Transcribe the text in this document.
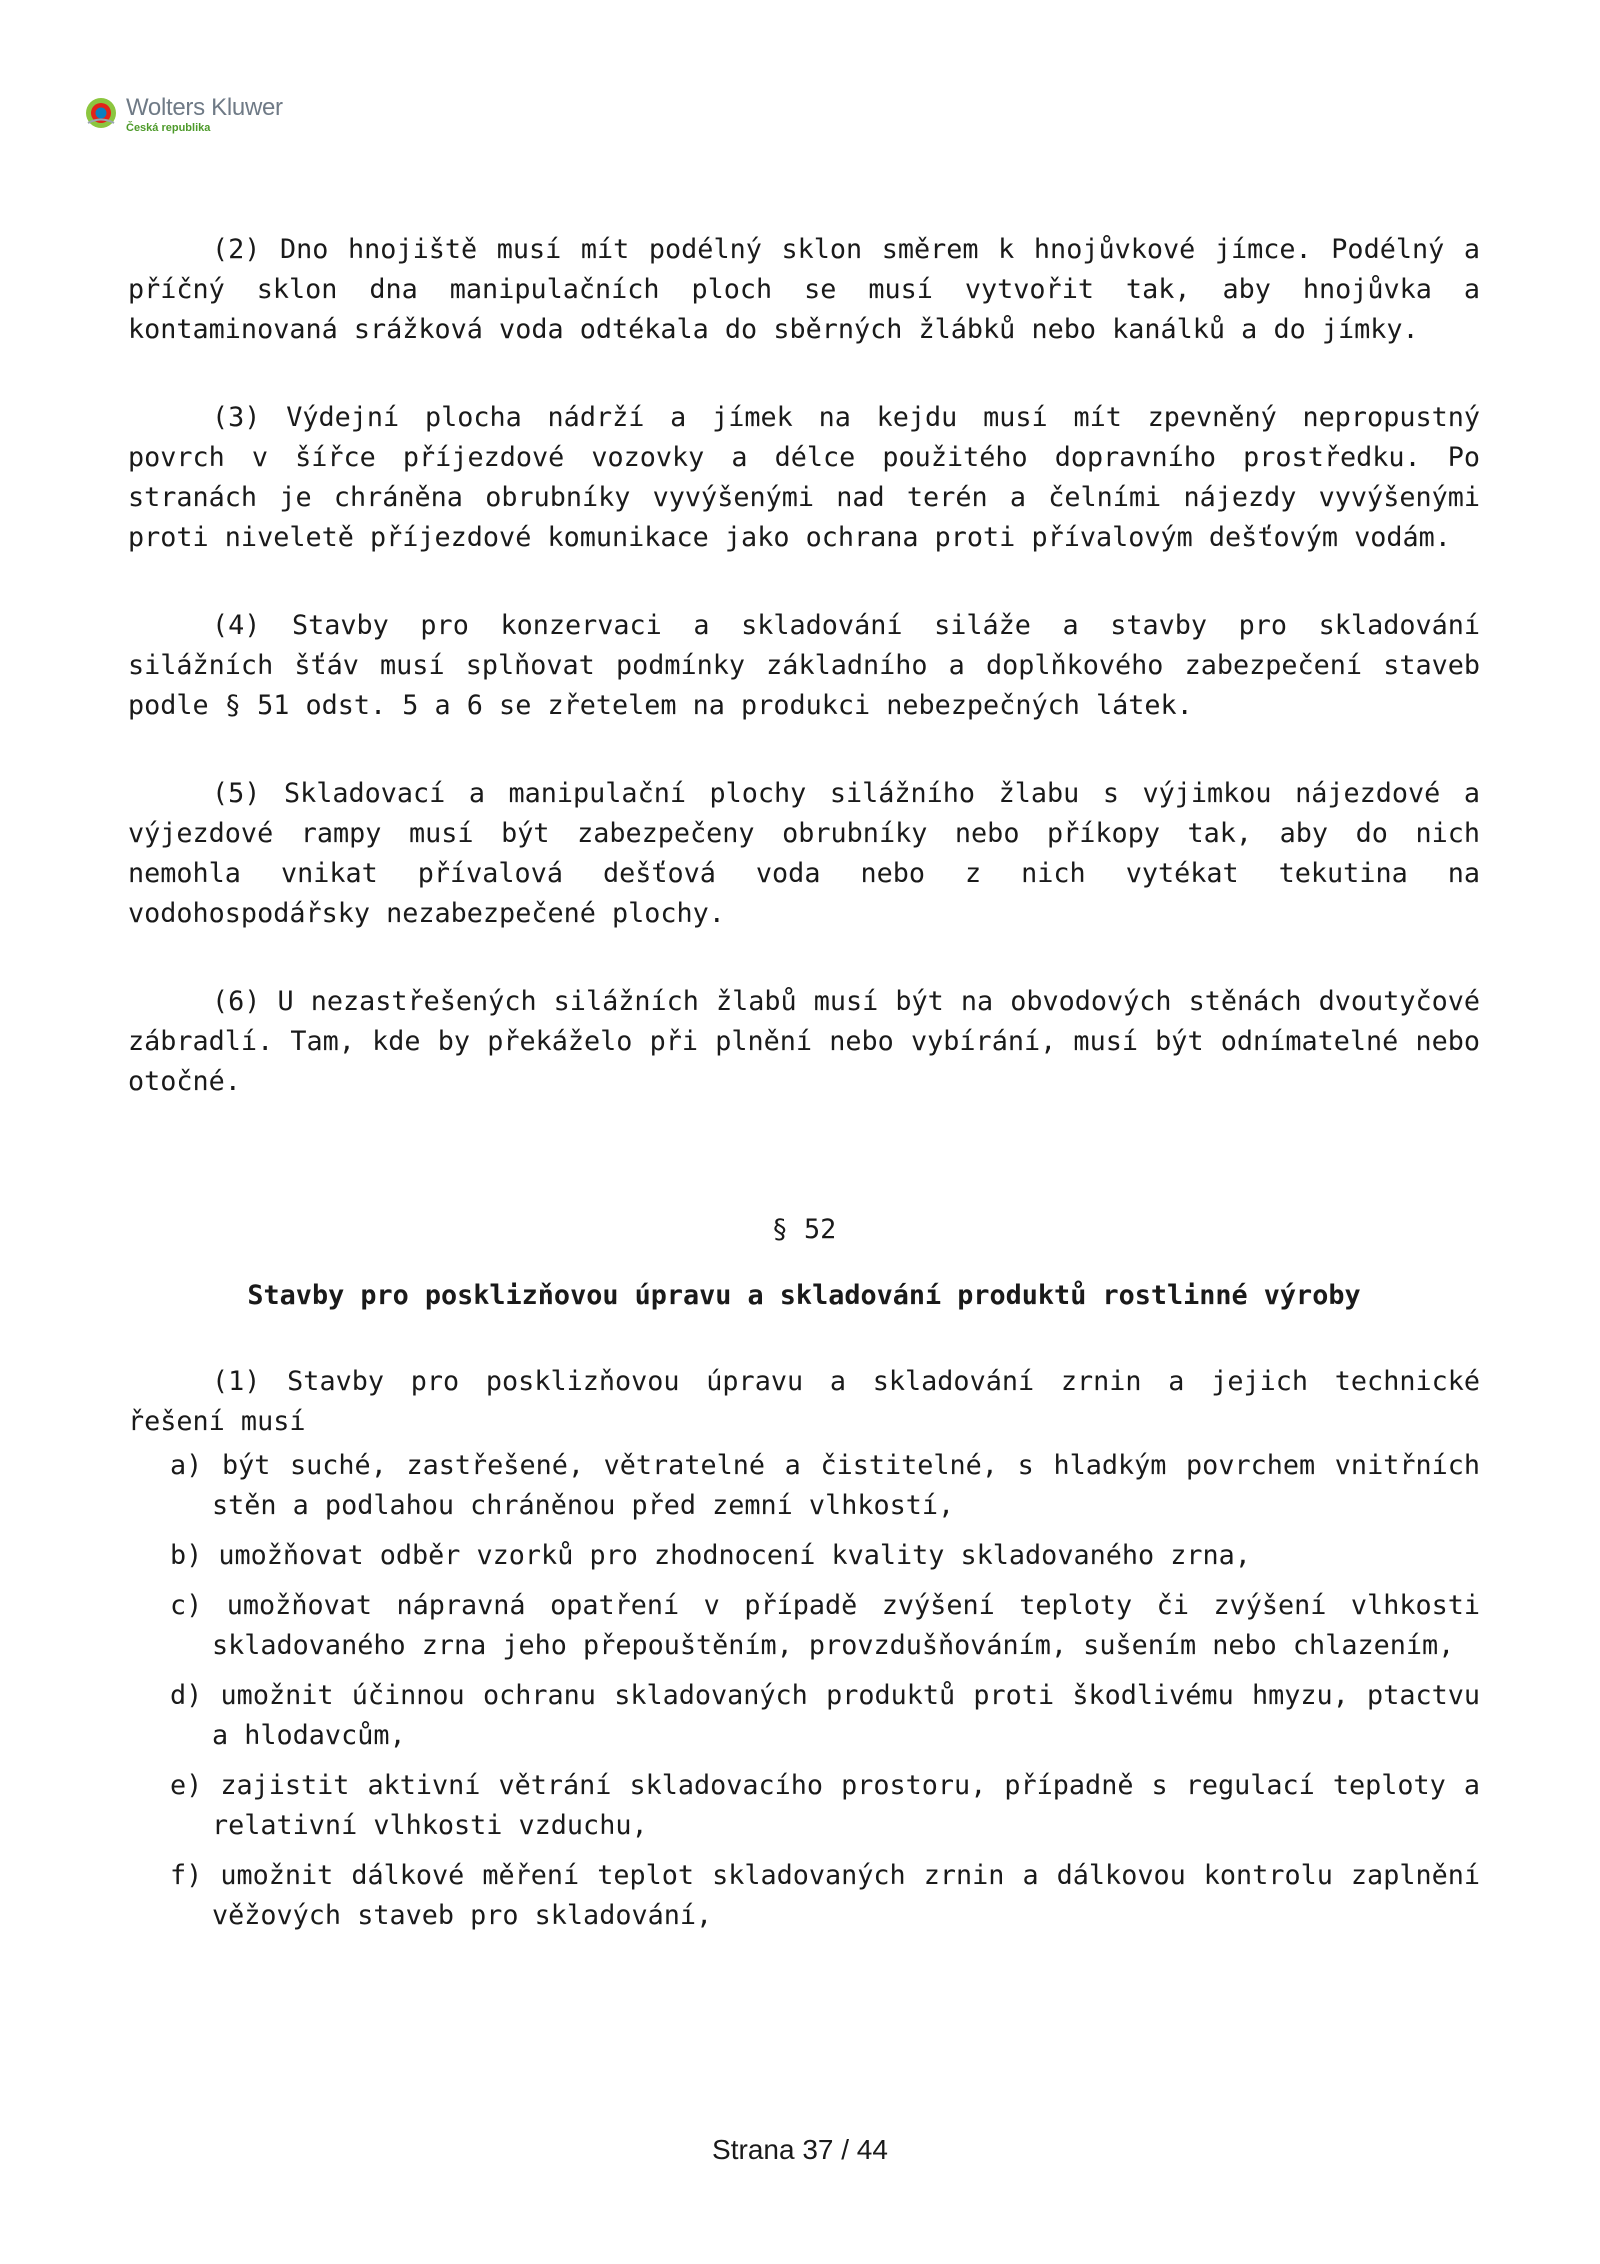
Wolters Kluwer
Česká republika

(2) Dno hnojiště musí mít podélný sklon směrem k hnojůvkové jímce. Podélný a příčný sklon dna manipulačních ploch se musí vytvořit tak, aby hnojůvka a kontaminovaná srážková voda odtékala do sběrných žlábků nebo kanálků a do jímky.

(3) Výdejní plocha nádrží a jímek na kejdu musí mít zpevněný nepropustný povrch v šířce příjezdové vozovky a délce použitého dopravního prostředku. Po stranách je chráněna obrubníky vyvýšenými nad terén a čelními nájezdy vyvýšenými proti niveletě příjezdové komunikace jako ochrana proti přívalovým dešťovým vodám.

(4) Stavby pro konzervaci a skladování siláže a stavby pro skladování silážních šťáv musí splňovat podmínky základního a doplňkového zabezpečení staveb podle § 51 odst. 5 a 6 se zřetelem na produkci nebezpečných látek.

(5) Skladovací a manipulační plochy silážního žlabu s výjimkou nájezdové a výjezdové rampy musí být zabezpečeny obrubníky nebo příkopy tak, aby do nich nemohla vnikat přívalová dešťová voda nebo z nich vytékat tekutina na vodohospodářsky nezabezpečené plochy.

(6) U nezastřešených silážních žlabů musí být na obvodových stěnách dvoutyčové zábradlí. Tam, kde by překáželo při plnění nebo vybírání, musí být odnímatelné nebo otočné.

§ 52
Stavby pro posklizňovou úpravu a skladování produktů rostlinné výroby

(1) Stavby pro posklizňovou úpravu a skladování zrnin a jejich technické řešení musí

a) být suché, zastřešené, větratelné a čistitelné, s hladkým povrchem vnitřních stěn a podlahou chráněnou před zemní vlhkostí,
b) umožňovat odběr vzorků pro zhodnocení kvality skladovaného zrna,
c) umožňovat nápravná opatření v případě zvýšení teploty či zvýšení vlhkosti skladovaného zrna jeho přepouštěním, provzdušňováním, sušením nebo chlazením,
d) umožnit účinnou ochranu skladovaných produktů proti škodlivému hmyzu, ptactvu a hlodavcům,
e) zajistit aktivní větrání skladovacího prostoru, případně s regulací teploty a relativní vlhkosti vzduchu,
f) umožnit dálkové měření teplot skladovaných zrnin a dálkovou kontrolu zaplnění věžových staveb pro skladování,
Strana 37 / 44
